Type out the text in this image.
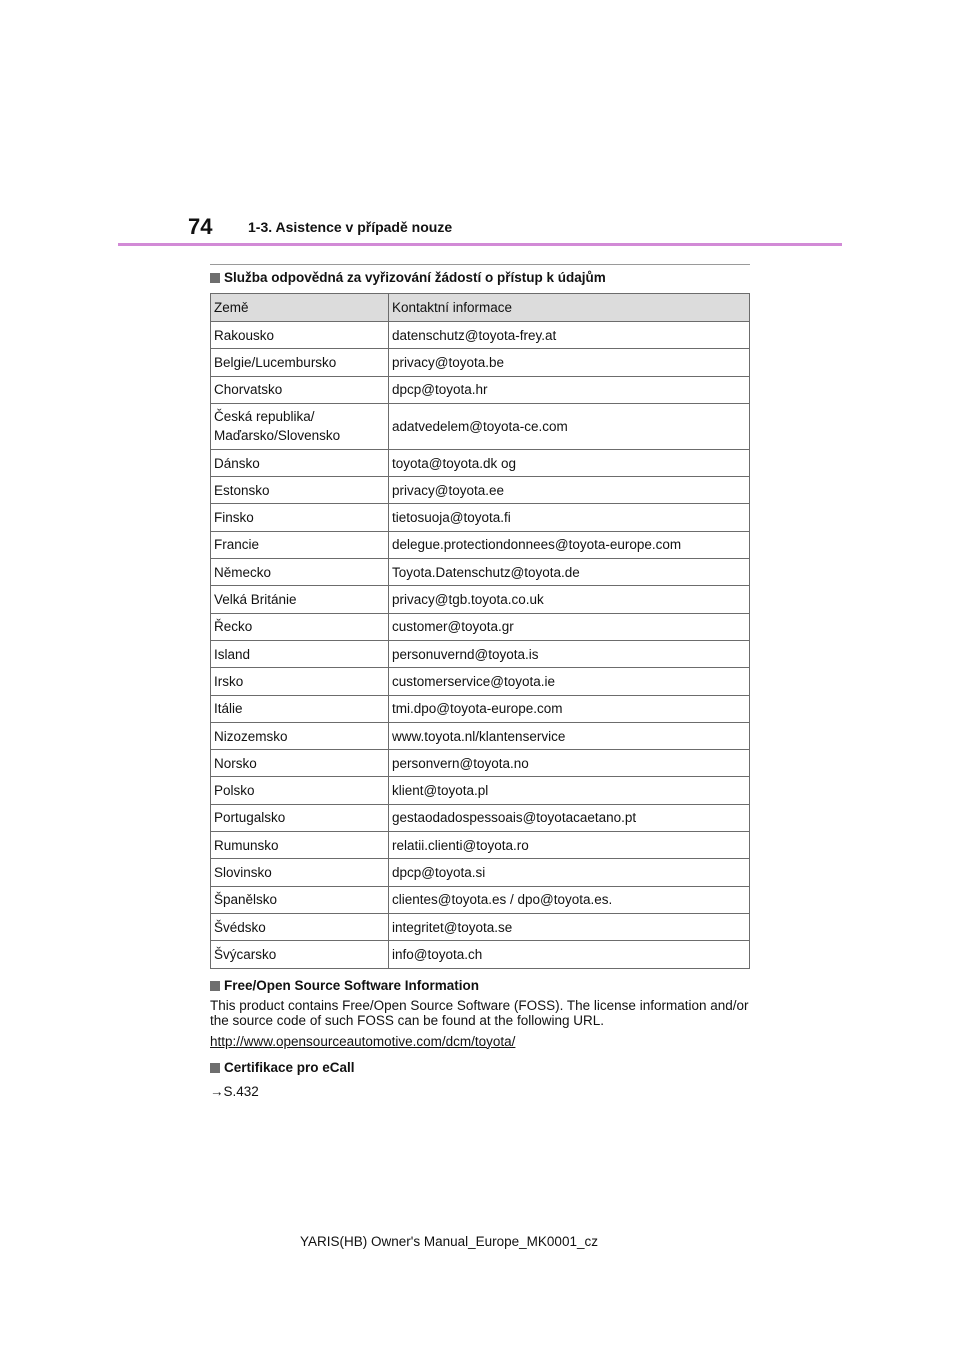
74	1-3. Asistence v případě nouze
Služba odpovědná za vyřizování žádostí o přístup k údajům
Země	Kontaktní informace
Rakousko	datenschutz@toyota-frey.at
Belgie/Lucembursko	privacy@toyota.be
Chorvatsko	dpcp@toyota.hr
Česká republika/
Maďarsko/Slovensko	adatvedelem@toyota-ce.com
Dánsko	toyota@toyota.dk og
Estonsko	privacy@toyota.ee
Finsko	tietosuoja@toyota.fi
Francie	delegue.protectiondonnees@toyota-europe.com
Německo	Toyota.Datenschutz@toyota.de
Velká Británie	privacy@tgb.toyota.co.uk
Řecko	customer@toyota.gr
Island	personuvernd@toyota.is
Irsko	customerservice@toyota.ie
Itálie	tmi.dpo@toyota-europe.com
Nizozemsko	www.toyota.nl/klantenservice
Norsko	personvern@toyota.no
Polsko	klient@toyota.pl
Portugalsko	gestaodadospessoais@toyotacaetano.pt
Rumunsko	relatii.clienti@toyota.ro
Slovinsko	dpcp@toyota.si
Španělsko	clientes@toyota.es / dpo@toyota.es.
Švédsko	integritet@toyota.se
Švýcarsko	info@toyota.ch
Free/Open Source Software Information

This product contains Free/Open Source Software (FOSS). The license information and/or the source code of such FOSS can be found at the following URL.

http://www.opensourceautomotive.com/dcm/toyota/
Certifikace pro eCall
→S.432
YARIS(HB) Owner's Manual_Europe_MK0001_cz
